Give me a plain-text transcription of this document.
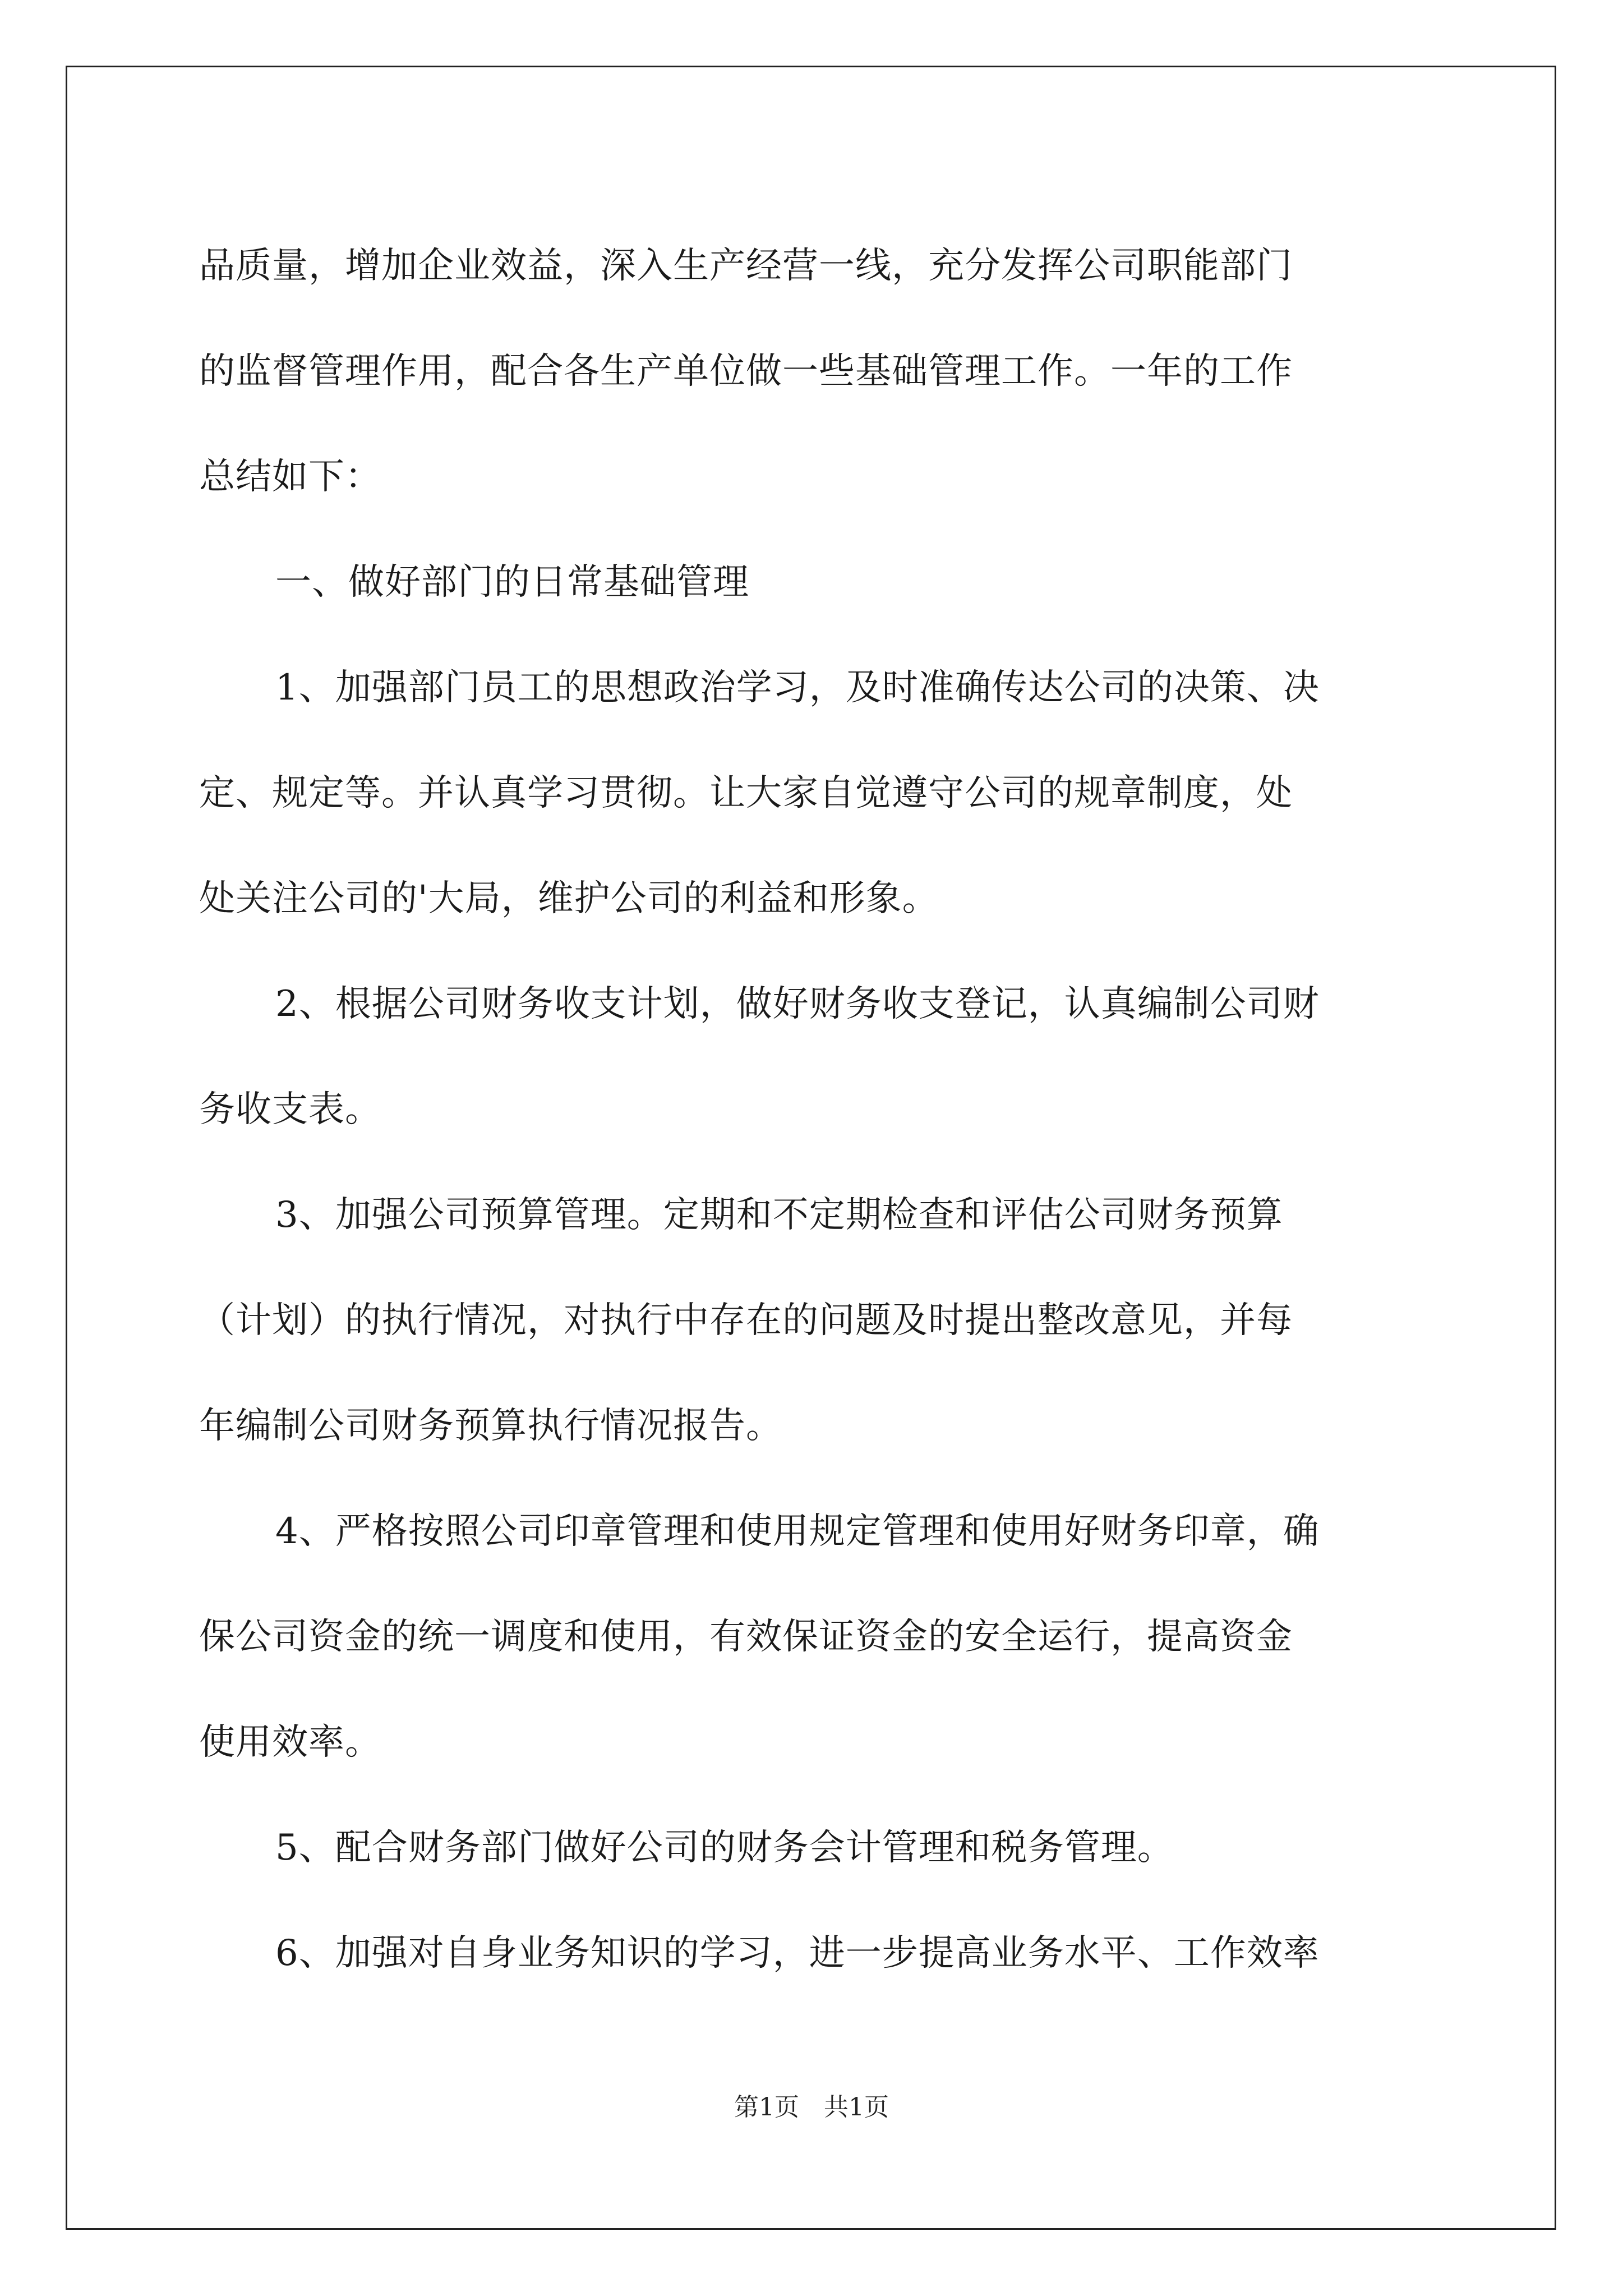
品质量，增加企业效益，深入生产经营一线，充分发挥公司职能部门
的监督管理作用，配合各生产单位做一些基础管理工作。一年的工作
总结如下：
一、做好部门的日常基础管理
1、加强部门员工的思想政治学习，及时准确传达公司的决策、决
定、规定等。并认真学习贯彻。让大家自觉遵守公司的规章制度，处
处关注公司的'大局，维护公司的利益和形象。
2、根据公司财务收支计划，做好财务收支登记，认真编制公司财
务收支表。
3、加强公司预算管理。定期和不定期检查和评估公司财务预算
（计划）的执行情况，对执行中存在的问题及时提出整改意见，并每
年编制公司财务预算执行情况报告。
4、严格按照公司印章管理和使用规定管理和使用好财务印章，确
保公司资金的统一调度和使用，有效保证资金的安全运行，提高资金
使用效率。
5、配合财务部门做好公司的财务会计管理和税务管理。
6、加强对自身业务知识的学习，进一步提高业务水平、工作效率
第1页　共1页
